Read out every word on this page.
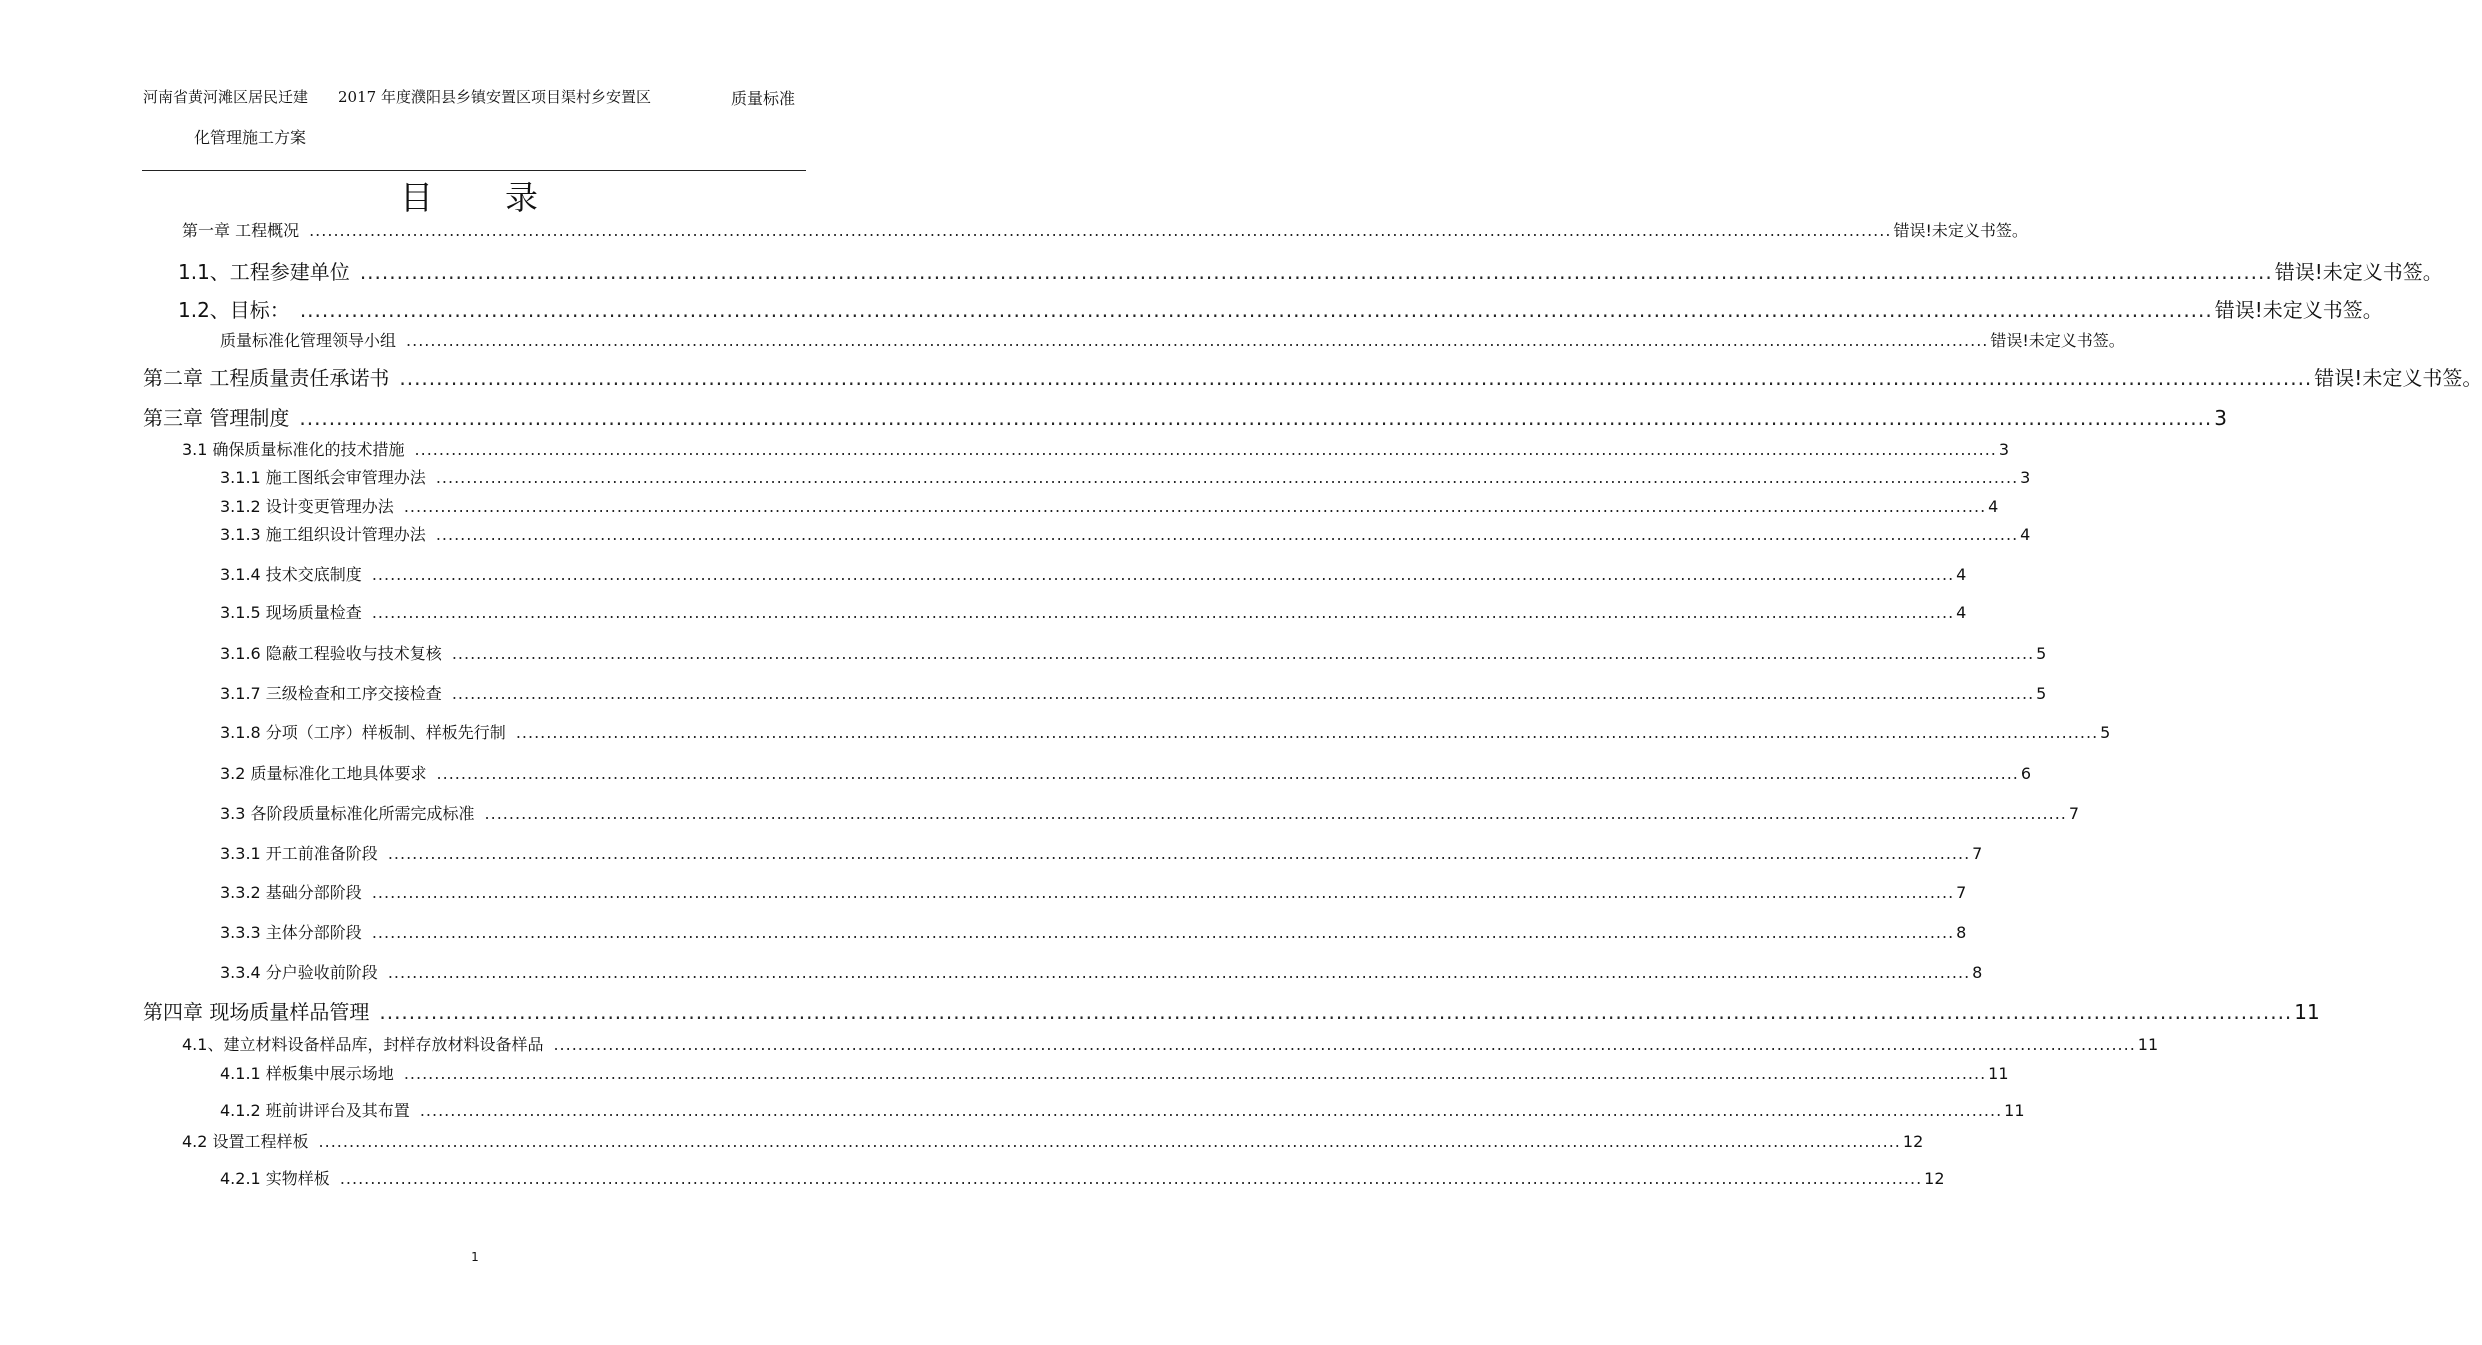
河南省黄河滩区居民迁建 2017 年度濮阳县乡镇安置区项目渠村乡安置区	质量标准
化管理施工方案
目录
第一章 工程概况 .................................................................................................................................................................................................................................................................... 错误!未定义书签。
1.1、工程参建单位 .................................................................................................................................................................................................................................................................... 错误!未定义书签。
1.2、目标： .................................................................................................................................................................................................................................................................... 错误!未定义书签。
质量标准化管理领导小组 .................................................................................................................................................................................................................................................................... 错误!未定义书签。
第二章 工程质量责任承诺书 .................................................................................................................................................................................................................................................................... 错误!未定义书签。
第三章 管理制度 .................................................................................................................................................................................................................................................................... 3
3.1 确保质量标准化的技术措施 .................................................................................................................................................................................................................................................................... 3
3.1.1 施工图纸会审管理办法 .................................................................................................................................................................................................................................................................... 3
3.1.2 设计变更管理办法 .................................................................................................................................................................................................................................................................... 4
3.1.3 施工组织设计管理办法 .................................................................................................................................................................................................................................................................... 4
3.1.4 技术交底制度 .................................................................................................................................................................................................................................................................... 4
3.1.5 现场质量检查 .................................................................................................................................................................................................................................................................... 4
3.1.6 隐蔽工程验收与技术复核 .................................................................................................................................................................................................................................................................... 5
3.1.7 三级检查和工序交接检查 .................................................................................................................................................................................................................................................................... 5
3.1.8 分项（工序）样板制、样板先行制 .................................................................................................................................................................................................................................................................... 5
3.2 质量标准化工地具体要求 .................................................................................................................................................................................................................................................................... 6
3.3 各阶段质量标准化所需完成标准 .................................................................................................................................................................................................................................................................... 7
3.3.1 开工前准备阶段 .................................................................................................................................................................................................................................................................... 7
3.3.2 基础分部阶段 .................................................................................................................................................................................................................................................................... 7
3.3.3 主体分部阶段 .................................................................................................................................................................................................................................................................... 8
3.3.4 分户验收前阶段 .................................................................................................................................................................................................................................................................... 8
第四章 现场质量样品管理 .................................................................................................................................................................................................................................................................... 11
4.1、建立材料设备样品库，封样存放材料设备样品 .................................................................................................................................................................................................................................................................... 11
4.1.1 样板集中展示场地 .................................................................................................................................................................................................................................................................... 11
4.1.2 班前讲评台及其布置 .................................................................................................................................................................................................................................................................... 11
4.2 设置工程样板 .................................................................................................................................................................................................................................................................... 12
4.2.1 实物样板 .................................................................................................................................................................................................................................................................... 12
1
